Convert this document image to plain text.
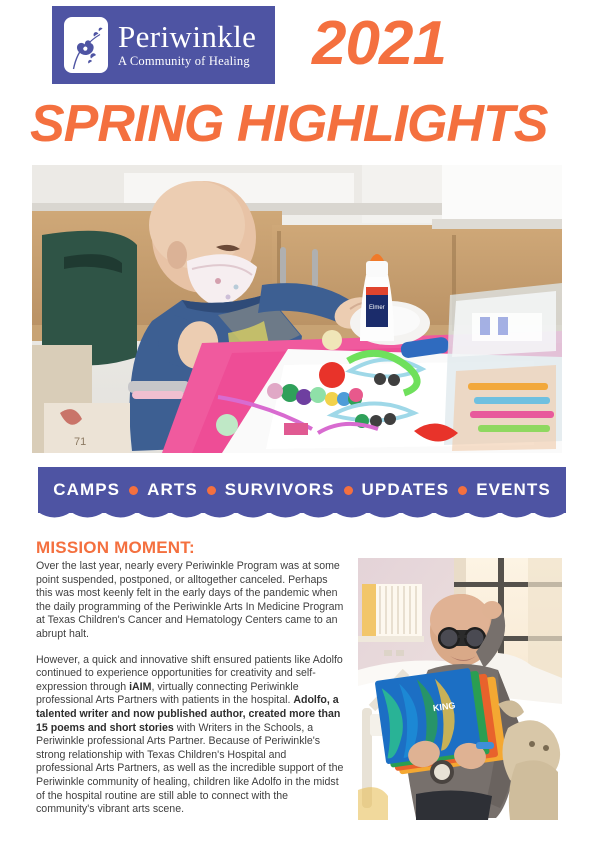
Periwinkle
A Community of Healing 2021
SPRING HIGHLIGHTS
71
Elmer
CAMPS ARTS SURVIVORS UPDATES EVENTS
MISSION MOMENT:

Over the last year, nearly every Periwinkle Program was at some point suspended, postponed, or alltogether canceled. Perhaps this was most keenly felt in the early days of the pandemic when the daily programming of the Periwinkle Arts In Medicine Program at Texas Children's Cancer and Hematology Centers came to an abrupt halt.

However, a quick and innovative shift ensured patients like Adolfo continued to experience opportunities for creativity and self-expression through iAIM, virtually connecting Periwinkle professional Arts Partners with patients in the hospital. Adolfo, a talented writer and now published author, created more than 15 poems and short stories with Writers in the Schools, a Periwinkle professional Arts Partner. Because of Periwinkle's strong relationship with Texas Children's Hospital and professional Arts Partners, as well as the incredible support of the Periwinkle community of healing, children like Adolfo in the midst of the hospital routine are still able to connect with the community's vibrant arts scene.

KING
